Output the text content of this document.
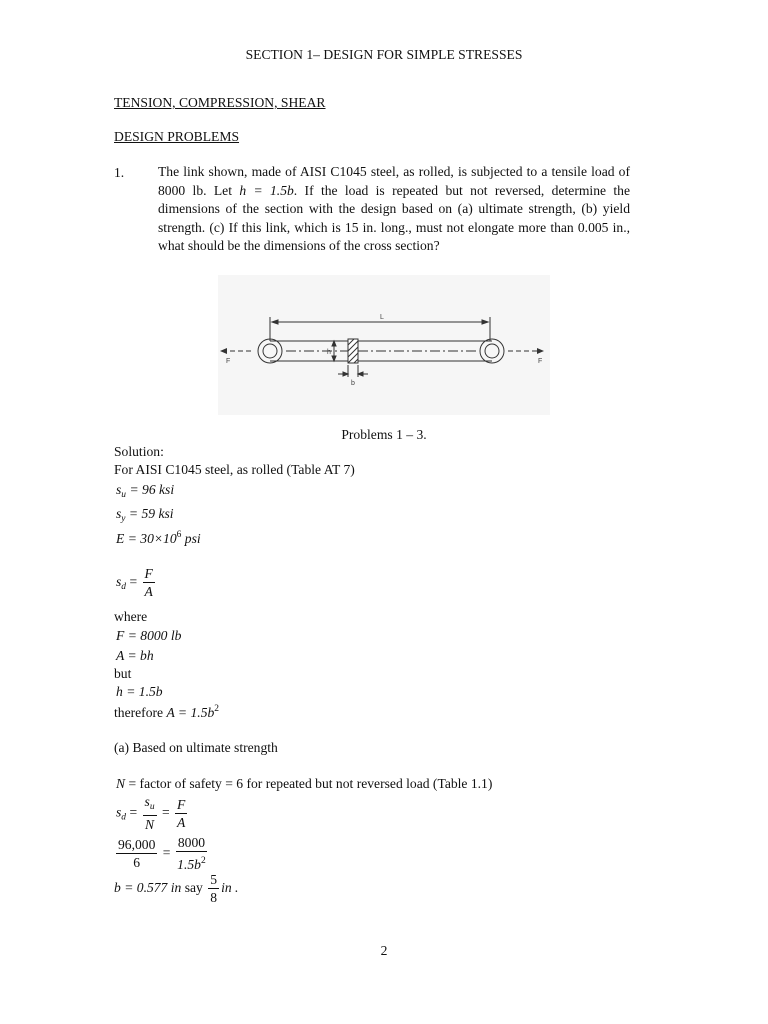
SECTION 1– DESIGN FOR SIMPLE STRESSES
TENSION, COMPRESSION, SHEAR
DESIGN PROBLEMS
1. The link shown, made of AISI C1045 steel, as rolled, is subjected to a tensile load of 8000 lb. Let h = 1.5b. If the load is repeated but not reversed, determine the dimensions of the section with the design based on (a) ultimate strength, (b) yield strength. (c) If this link, which is 15 in. long., must not elongate more than 0.005 in., what should be the dimensions of the cross section?
F	F
L
h
b
Problems 1 – 3.
Solution:
For AISI C1045 steel, as rolled (Table AT 7)
$s_u = 96$ ksi
$s_y = 59$ ksi
$E = 30\times 10^6$ psi
$s_d = \frac{F}{A}$
where
F = 8000 lb
A = bh
but
h = 1.5b
therefore $A = 1.5b^2$
(a) Based on ultimate strength
N = factor of safety = 6 for repeated but not reversed load (Table 1.1)
$s_d = \frac{s_u}{N} = \frac{F}{A}$
$\frac{96,000}{6} = \frac{8000}{1.5b^2}$
b = 0.577 in say $\frac{5}{8}$ in .
2
